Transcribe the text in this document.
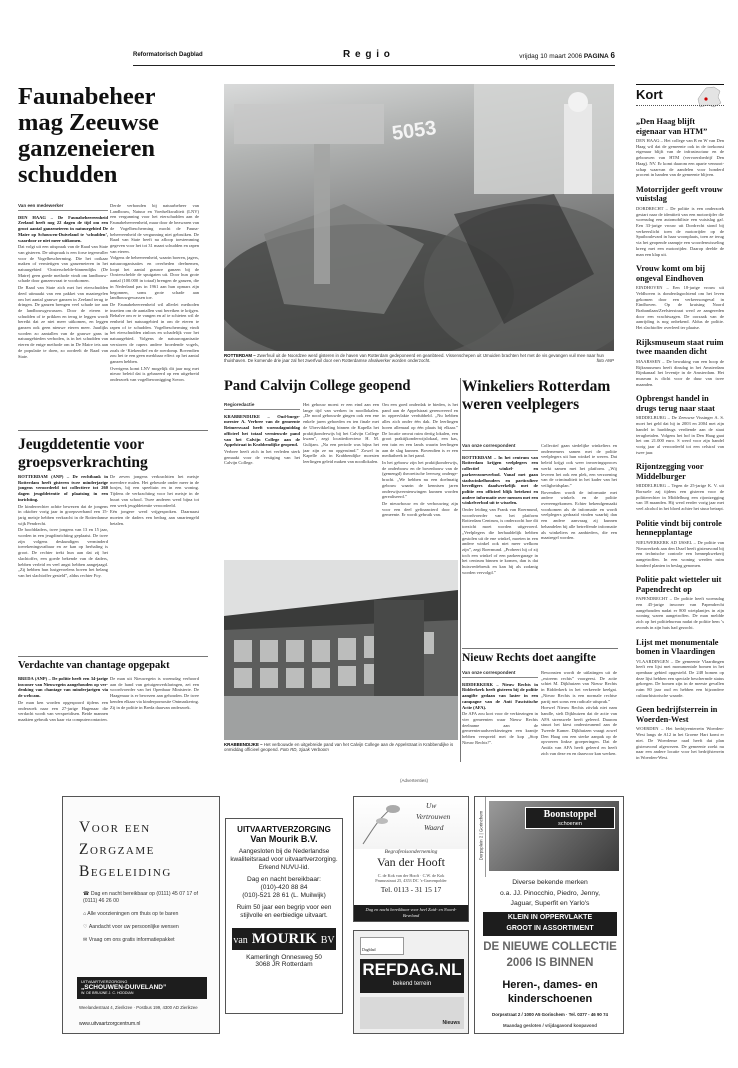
Reformatorisch Dagblad	R e g i o	vrijdag 10 maart 2006 PAGINA 6
Faunabeheer mag Zeeuwse ganzeneieren schudden
Van een medewerker

DEN HAAG – De Faunabeheereenheid Zeeland heeft nog 22 dagen de tijd om een groot aantal ganzeneieren in natuurgebied De Maire op Schouwen-Duiveland te ‘schudden’, waardoor ze niet meer uitkomen.

Dat volgt uit een uitspraak van de Raad van State van gisteren. De uitspraak is een forse tegenvaller voor de Vogelbescherming. Die het ooikaar maken of vernietigen van ganzeneieren in het natuurgebied ‘Oosterschelde-binnendijks (De Maire) geen goede methode vindt om landbouwschade door ganzenvraat te voorkomen.

De Raad van State zich met het eierschudden deed uitmaakt van een pakket van maatregelen om het aantal grauwe ganzen in Zeeland terug te dringen. De ganzen brengen veel schade toe aan de landbouwgewassen. Door de eieren te schudden of te prikken en terug te leggen wordt bereikt dat ze niet meer uitkomen, en leggen ganzen ook geen nieuwe eieren meer. Jaarlijks worden zo aantallen van de grauwe gans in natuurgebieden verboden, is in het schudden van eieren de enige methode om in De Maire iets aan de populatie te doen, zo oordeelt de Raad van State.

Derde verbonden bij natuurbeheer van Landbouw, Natuur en Voedselkwaliteit (LNV) een vergunning voor het eierschudden aan de Faunabeheereenheid, maar door de bezwaren van de Vogelbescherming mocht de Faunabeheereenheid de vergunning niet gebruiken. De Raad van State heeft na afloop toestemming gegeven voor het tot 31 maart schudden en rapen van eieren.

Volgens de beheereenheid, waarin boeren, jagers, natuurorganisaties en overheden deelnemen, loopt het aantal grauwe ganzen bij de Oosterschelde de spuigaten uit. Door hun grote aantal (100.000 in totaal) brengen de ganzen, die in Nederland pas in 1961 aan hun opmars zijn begonnen, soms grote schade aan landbouwgewassen toe.

De Faunabeheereenheid wil allerlei methoden inzetten om de aantallen vast bereiken te krijgen. Behalve om er te vangen en af te schieten wil de eenheid het natuurgebied in om de eieren te rapen of te schudden. Vogelbescherming vindt het eierschudden zinloos en schadelijk voor het natuurgebied. Volgens de natuurorganisatie verstoren de rapers andere broedende vogels, zoals de ‘Kiekendief en de roerdomp. Bovendien zou het te een geen merkbaar effect op het aantal ganzen hebben.

Overigens komt LNV mogelijk dit jaar nog met nieuw beleid dat is gebaseerd op een uitgebreid onderzoek van vogelbewonigging Sovon.

5053
ROTTERDAM – Zwerfvuil uit de Noordzee werd gisteren in de haven van Rotterdam gedeponeerd en geanbteed. Vissenschepen uit IJmuiden brachten het met de vis gevangen vuil mee naar hun thuishaven. De komende drie jaar zal het zwerfvuil door een Rotterdamse afvalwerker worden onderzocht.	foto ANP
Pand Calvijn College geopend
Regioredactie

KRABBENDIJKE – Oud-burgemeester A. Verbree van de gemeente Reimerswaal heeft woensdagmiddag officieel het totaal vernieuwde pand van het Calvijn College aan de Appelstraat in Krabbendijke geopend.

Verbree heeft zich in het verleden sterk gemaakt voor de vestiging van het Calvijn College.

Het gebouw moest er een eind aan een lange tijd van werken in noodlokalen. „De nood gebouwde gingen ook een ene enkele jaren gehoeden en ten finale met de Ubervikkeling binnen de Kapella het praktijkonderwijs bij het Calvijn College kwam”, zegt locatiedirecteur H. M. Gulijam. „Na een periode was bijna het jaar zijn ze nu opgeruimd.” Zowel in Kapelle als in Krabbendijke moesten leerlingen geleid maken van noodlokalen.

Om een goed onderdak te bieden, is het pand aan de Appelstraat gerenoveerd en in oppervlakte verdubbeld. „Nu hebben alles zich onder één dak. De leerlingen horen allemaal op één plaats bij elkaar.” De locatie omvat ruim dertig lokalen, een groot praktijkonderwijslokaal, een kas, een tuin en een lands waarin leerlingen aan de slag kunnen. Bovendien is er een mediatheek in het pand.

In het gebouw zijn het praktijkonderwijs, de onderbouw en de bovenbouw van de (gemengd) theoretische leerweg ondergebracht. „We hebben nu een doelmatig gebouw waarin de kennisen jaren onderwijsvernieuwingen kunnen worden gerealiseerd.”

De nieuwbouw en de verbouwing zijn voor een deel gefinancierd door de gemeente. Er wordt gebruik van.

KRABBENDIJKE – Het verbouwde en uitgebreide pand van het Calvijn College aan de Appelstraat in Krabbendijke is onmiddag officieel geopend. Foto RD, Sjaak Verboom
Winkeliers Rotterdam weren veelplegers
Van onze correspondent

ROTTERDAM – In het centrum van Rotterdam krijgen veelplegers een collectief winkel- en parkeerzoneverbod. Vanaf met gaan stadswinkelhouders en particuliere beveiligers daadwerkelijk met de politie een officieel blijk betekent en andere informatie over mensen met een winkelverbod uit te wisselen.

Onder leiding van Frank van Roermund, woordvoerder van het platform Rotterdam Centrum, is onderzocht hoe dit toezicht moet worden uitgevoerd. „Veelplegers die herhaaldelijk hebben gestolen uit de ene winkel, moeten in een andere winkel ook niet meer welkom zijn”, zegt Roermund. „Probeert hij of zij toch een winkel of een parkeergarage in het centrum binnen te komen, dan is dat huisvredebreuk en kan hij als zodanig worden vervolgd.”

Collectief gaan stedelijke winkeliers en ondernemers samen met de politie veelplegers uit hun winkel te weren. Dat beleid krijgt ook weer invoeringsproces werkt samen met het platform. „Wij leveren het ook een plek, een verzoening van de criminaliteit in het kader van het veiligheidsplan.”

Bovendien wordt de informatie met andere winkels en de politie overeengekomen. Echter bekendgemaakt voorkomen als de informatie en wordt veelplegers gedraaid vinden waarbij dan een andere aanvraag zij kunnen behandelen bij alle betreffende informatie als winkeliers en aanbieders, die een maatregel worden.

Nieuw Rechts doet aangifte
Van onze correspondent

RIDDERKERK – Nieuw Rechts in Ridderkerk heeft gisteren bij de politie aangifte gedaan van laster in een campagne van de Anti Fascistische Actie (AFA).

De AFA zou kort voor de verkiezingen in vier gemeenten waar Nieuw Rechts deelname aan de gemeenteraadsverkiezingen een krantje hebben verspreid met de kop „Stop Nieuw Rechts!”.

Bewonsten wordt de uitlatingen uit de „extreem rechts” voorgeest. De actie schiet M. Dijkhuizen van Nieuw Rechts in Ridderkerk in het verkeerde keelgat. „Nieuw Rechts is een normale rechtse partij met soms een radicale uitsprak.”

Hoewel Nieuw Rechts zitvlak niet nam handle, stelt Dijkhuizen dat de actie van AFA strenswele heeft geleerd. Daarom stuurt het kiest ondersteunend aan de Tweede Kamer. Dijkhuizen vraagt zowel Den Haag om een sterke aanpak op de opvoeren linkse groeperingen. Dat de Antifa van AFA heeft geleerd en heeft zich van deze en en daarvoor kan werken.

Jeugddetentie voor groepsverkrachting

ROTTERDAM (ANP) – De rechtbank in Rotterdam heeft gisteren twee minderjarige jongens veroordeeld tot collectieve tot 260 dagen jeugddetentie of plaatsing in een inrichting.

De kinderrechter achtte bewezen dat de jongens in oktober vorig jaar in groepsverband een 15-jarig meisje hebben verkracht in de Rotterdamse wijk Pendrecht.

De hoofddaders, twee jongens van 13 en 15 jaar, worden in een jeugdinrichting geplaatst. De twee zijn volgens deskundigen verminderd toerekeningsvatbaar en ze kan op herhaling is groot. De rechter trekt hun aan dat zij het slachtoffer, een goede bekende van de daders, hebben verleid en veel angst hebben aangejaagd. „Zij hebben hun lustgevoelens boven het belang van het slachtoffer gesteld”, aldus rechter Foy.

De zeven jongens verkrachtten het meisje meerdere malen. Het gebeurde onder meer in de bosjes, bij een speeltuin en in een woning. Tijdens de verkrachting voor het meisje in de buurt van school. Twee anderen werd bijna tot een week jeugddetentie veroordeeld.

Eén jongere werd vrijgesproken. Daarnaast moeten de daders een bedrag aan smartengeld betalen.

Verdachte van chantage opgepakt

BREDA (ANP) – De politie heeft een 34-jarige inwoner van Nieuwegein aangehouden op verdenking van chantage van minderjarigen via de webcam.

De man ken worden opgespoord tijdens een onderzoek naar een 27-jarige Hagenaar die verdacht wordt van verspreidisen. Beide mannen maakten gebruik van kaar via computercontacten.

De man uit Nieuwegein is woensdag verhoord aan de hand van getuigenverklaringen, zei een woordvoerder van het Openbaar Ministerie. De Haagenaar is er bewezen aan gehouden. De twee kenden elkaar via kinderpornosite Ontmaskering. Zij in de politie in Breda daarvan onderzoek.

Kort
„Den Haag blijft eigenaar van HTM”

DEN HAAG – Het college van B en W van Den Haag wil dat de gemeente ook in de toekomst eigenaar blijft van de infrastructuur en de gebouwen van HTM (vervoersbedrijf Den Haag). NV. Er komt daarom een aparte vennootschap waarvan de aandelen voor honderd procent in handen van de gemeente blijven.

Motorrijder geeft vrouw vuistslag

DORDRECHT – De politie is een onderzoek gestart naar de identiteit van een motorrijder die woensdag een automobiliste een vuistslag gaf. Een 33-jarige vrouw uit Dordrecht stond bij verkeerslicht toen de motorrijder op de Spuiboulevard in haar woonplaats, toen ze terug via het geopende raampje een woordenwisseling kreeg met een motorrijder. Daarop deelde de man een klap uit.

Vrouw komt om bij ongeval Eindhoven

EINDHOVEN – Een 18-jarige vrouw uit Veldhoven is donderdagochtend om het leven gekomen door een verkeersongeval in Eindhoven. Op de kruising Noord Brabantlaan/Zeelsterstraat werd ze aangereden door een vrachtwagen. De oorzaak van de aanrijding is nog onbekend. Aldus de politie. Het slachtoffer overleed ter plaatse.

Rijksmuseum staat ruim twee maanden dicht

MAARSSEN – De bewaking van een hoop de Rijksmuseum heeft dinsdag in het Amsterdam Rijnkanaal het leventje in de Amsterdam. Het museum is dicht voor de duur van twee maanden.

Opbrengst handel in drugs terug naar staat

MIDDELBURG – De Zeeuwse Vissinger A. S. moet het geld dat hij in 2003 en 2004 met zijn handel in harddrugs verdiende aan de staat terugbetalen. Volgens het hof in Den Haag gaat het om 21.000 euro. S werd voor zijn handel vorig jaar al veroordeeld tot een celstraf van twee jaar.

Rijontzegging voor Middelburger

MIDDELBURG – Tegen de 25-jarige K. V. uit Borssele zaj tijdens een gisteren voor de politierechter in Middelburg een rijontzegging van 18 maanden. Hij werd eerder vorig jaar met veel alcohol in het bloed achter het stuur betrapt.

Politie vindt bij controle hennepplantage

NIEUWERKERK AD IJSSEL – De politie van Nieuwerkerk aan den IJssel heeft gisteravond bij een technische controle een hennepkwekerij aangetroffen. In een woning werden ruim honderd planten in beslag genomen.

Politie pakt wietteler uit Papendrecht op

PAPENDRECHT – De politie heeft woensdag een 45-jarige inwoner van Papendrecht aangehouden nadat er 800 wietplantjes in zijn woning waren aangetroffen. De man meldde zich op het politiebureau nadat de politie hem ’s avonds in zijn huis had gezocht.

Lijst met monumentale bomen in Vlaardingen

VLAARDINGEN – De gemeente Vlaardingen heeft een lijst met monumentale bomen in het openbaar gebied opgesteld. De 248 bomen op deze lijst hebben een speciale beschermde status gekregen. De bomen zijn in de meeste gevallen ruim 80 jaar oud en hebben een bijzondere cultuurhistorische waarde.

Geen bedrijfsterrein in Woerden-West

WOERDEN – Het bedrijventerrein Woerden-West langs de A12 in het Groene Hart komt er niet. De Woerdense raad heeft dat plan gisteravond afgewezen. De gemeente zoekt nu naar een andere locatie voor het bedrijfsterrein in Woerden-West.

(Advertenties)
Voor een
Zorgzame
Begeleiding
☎ Dag en nacht bereikbaar op (0111) 45 07 17 of (0111) 46 26 00
⌂ Alle voorzieningen om thuis op te baren
♡ Aandacht voor uw persoonlijke wensen
✉ Vraag om ons gratis informatiepakket
UITVAARTVERZORGING
„SCHOUWEN-DUIVELAND”
W. DE BRUIJNE J. C. HODDIAN
Weelandestraat 4, Zierikzee · Postbus 199, 4300 AD Zierikzee
www.uitvaartzorgcentrum.nl
UITVAARTVERZORGING
Van Mourik B.V.
Aangesloten bij de Nederlandse kwaliteitsraad voor uitvaartverzorging.
Erkend NUVU-lid.
Dag en nacht bereikbaar:
(010)-420 88 84
(010)-521 28 61 (L. Muilwijk)
Ruim 50 jaar een begrip voor een stijlvolle en eerbiedige uitvaart.
van MOURIK BV
Kamerlingh Onnesweg 50
3068 JR Rotterdam
Uw
Vertrouwen
Waard
Begrafenisonderneming
Van der Hooft
C. de Kok van der Hooft · C.W. de Kok
Prunusstraat 25, 4353 DC ’s-Gravenpolder
Tel. 0113 - 31 15 17
Dag en nacht bereikbaar voor heel Zuid- en Noord-Beveland
Dagblad
REFDAG.NL
bekend terrein
Nieuws
Dorpsplein 2 | Gorinchem	Boonstoppel
schoenen
Diverse bekende merken
o.a. JJ. Pinocchio, Piedro, Jenny,
Jaguar, Superfit en Yarlo's
KLEIN IN OPPERVLAKTE
GROOT IN ASSORTIMENT
DE NIEUWE COLLECTIE
2006 IS BINNEN
Heren-, dames- en
kinderschoenen
Dorpsstraat 2 / 1000 A5 Gorinchem · Tel. 0377 - 46 90 74
Maandag gesloten / vrijdagavond koopavond
